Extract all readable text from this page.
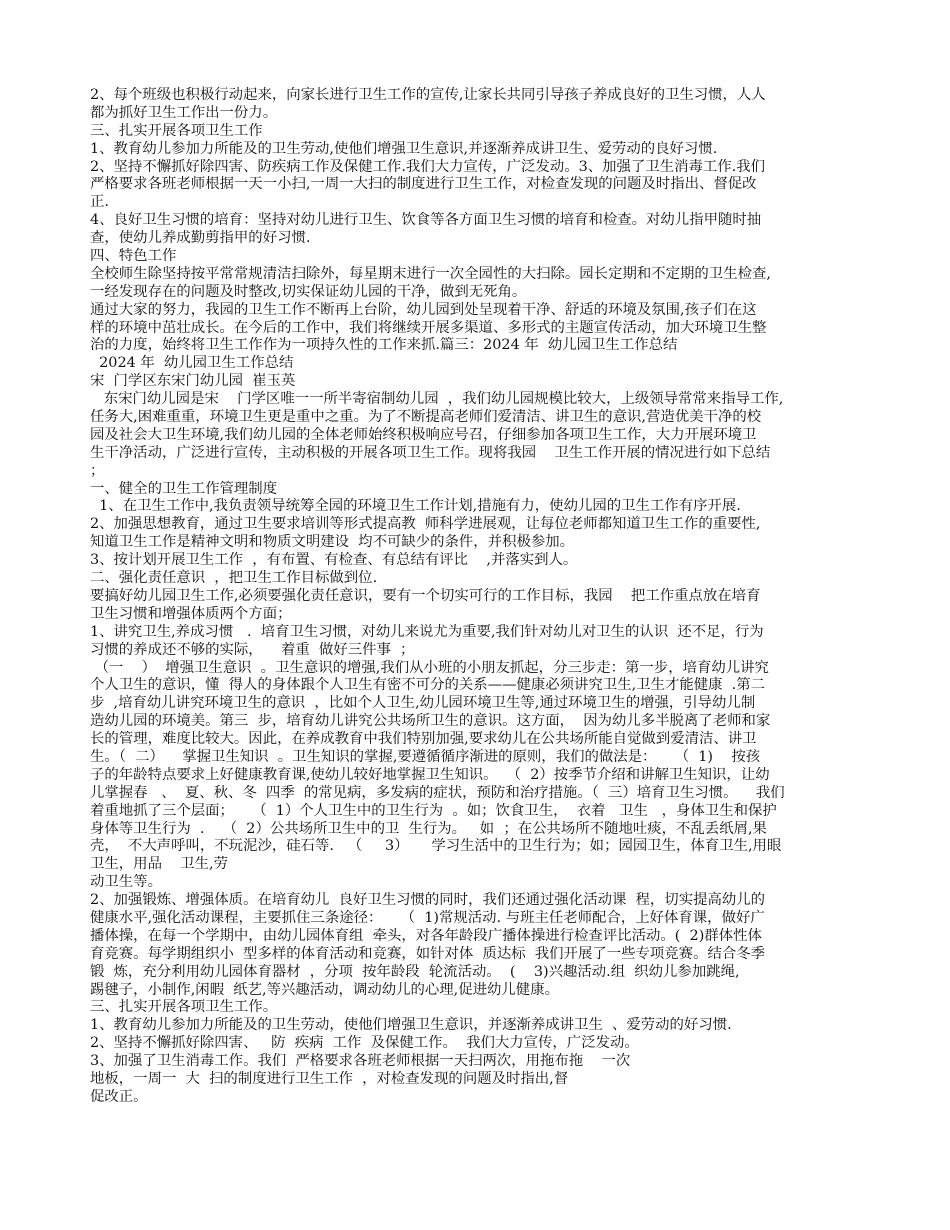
2、每个班级也积极行动起来，向家长进行卫生工作的宣传,让家长共同引导孩子养成良好的卫生习惯，人人
都为抓好卫生工作出一份力。
三、扎实开展各项卫生工作
1、教育幼儿参加力所能及的卫生劳动,使他们增强卫生意识,并逐渐养成讲卫生、爱劳动的良好习惯.
2、坚持不懈抓好除四害、防疾病工作及保健工作.我们大力宣传，广泛发动。3、加强了卫生消毒工作.我们
严格要求各班老师根据一天一小扫,一周一大扫的制度进行卫生工作，对检查发现的问题及时指出、督促改
正.
4、良好卫生习惯的培育：坚持对幼儿进行卫生、饮食等各方面卫生习惯的培育和检查。对幼儿指甲随时抽
查，使幼儿养成勤剪指甲的好习惯.
四、特色工作
全校师生除坚持按平常常规清洁扫除外，每星期末进行一次全园性的大扫除。园长定期和不定期的卫生检查,
一经发现存在的问题及时整改,切实保证幼儿园的干净，做到无死角。
通过大家的努力，我园的卫生工作不断再上台阶，幼儿园到处呈现着干净、舒适的环境及氛围,孩子们在这
样的环境中茁壮成长。在今后的工作中，我们将继续开展多渠道、多形式的主题宣传活动，加大环境卫生整
治的力度，始终将卫生工作作为一项持久性的工作来抓.篇三：2024 年  幼儿园卫生工作总结
2024 年  幼儿园卫生工作总结
宋  门学区东宋门幼儿园  崔玉英
东宋门幼儿园是宋    门学区唯一一所半寄宿制幼儿园  ，我们幼儿园规模比较大，上级领导常常来指导工作,
任务大,困难重重，环境卫生更是重中之重。为了不断提高老师们爱清洁、讲卫生的意识,营造优美干净的校
园及社会大卫生环境,我们幼儿园的全体老师始终积极响应号召，仔细参加各项卫生工作，大力开展环境卫
生干净活动，广泛进行宣传，主动积极的开展各项卫生工作。现将我园    卫生工作开展的情况进行如下总结
；
一、健全的卫生工作管理制度
1、在卫生工作中,我负责领导统筹全园的环境卫生工作计划,措施有力，使幼儿园的卫生工作有序开展.
2、加强思想教育，通过卫生要求培训等形式提高教  师科学进展观，让每位老师都知道卫生工作的重要性,
知道卫生工作是精神文明和物质文明建设  均不可缺少的条件，并积极参加。
3、按计划开展卫生工作  ，有布置、有检查、有总结有评比    ,并落实到人。
二、强化责任意识  ，把卫生工作目标做到位.
要搞好幼儿园卫生工作,必须要强化责任意识，要有一个切实可行的工作目标，我园    把工作重点放在培育
卫生习惯和增强体质两个方面；
1、讲究卫生,养成习惯   .  培育卫生习惯，对幼儿来说尤为重要,我们针对幼儿对卫生的认识  还不足，行为
习惯的养成还不够的实际，    着重  做好三件事  ；
（一    ）  增强卫生意识  。卫生意识的增强,我们从小班的小朋友抓起，分三步走：第一步，培育幼儿讲究
个人卫生的意识，懂  得人的身体跟个人卫生有密不可分的关系——健康必须讲究卫生,卫生才能健康  .第二
步  ,培育幼儿讲究环境卫生的意识  ，比如个人卫生,幼儿园环境卫生等,通过环境卫生的增强，引导幼儿制
造幼儿园的环境美。第三  步，培育幼儿讲究公共场所卫生的意识。这方面，  因为幼儿多半脱离了老师和家
长的管理，难度比较大。因此，在养成教育中我们特别加强,要求幼儿在公共场所能自觉做到爱清洁、讲卫
生。（  二）    掌握卫生知识  。卫生知识的掌握,要遵循循序渐进的原则，我们的做法是：    （  1)    按孩
子的年龄特点要求上好健康教育课,使幼儿较好地掌握卫生知识。  （  2）按季节介绍和讲解卫生知识，让幼
儿掌握春   、  夏、秋、冬  四季  的常见病，多发病的症状，预防和治疗措施。（  三）培育卫生习惯。    我们
着重地抓了三个层面；    （  1）个人卫生中的卫生行为  。如；饮食卫生，  衣着   卫生   ，身体卫生和保护
身体等卫生行为  .    （  2）公共场所卫生中的卫  生行为。   如  ；在公共场所不随地吐痰，不乱丢纸屑,果
壳，  不大声呼叫，不玩泥沙，硅石等.   （     3）     学习生活中的卫生行为；如；园园卫生，体育卫生,用眼
卫生，用品    卫生,劳
动卫生等。
2、加强锻炼、增强体质。在培育幼儿  良好卫生习惯的同时，我们还通过强化活动课  程，切实提高幼儿的
健康水平,强化活动课程，主要抓住三条途径：    （  1)常规活动. 与班主任老师配合，上好体育课，做好广
播体操，在每一个学期中，由幼儿园体育组  牵头，对各年龄段广播体操进行检查评比活动。(  2)群体性体
育竞赛。每学期组织小  型多样的体育活动和竞赛，如针对体  质达标  我们开展了一些专项竞赛。结合冬季
锻  炼，充分利用幼儿园体育器材  ，分项  按年龄段  轮流活动。  (    3)兴趣活动.组  织幼儿参加跳绳,
踢毽子，小制作,闲暇  纸艺,等兴趣活动，调动幼儿的心理,促进幼儿健康。
三、扎实开展各项卫生工作。
1、教育幼儿参加力所能及的卫生劳动，使他们增强卫生意识，并逐渐养成讲卫生  、爱劳动的好习惯.
2、坚持不懈抓好除四害、   防  疾病  工作  及保健工作。  我们大力宣传，广泛发动。
3、加强了卫生消毒工作。我们  严格要求各班老师根据一天扫两次，用拖布拖    一次
地板，一周一  大  扫的制度进行卫生工作  ，对检查发现的问题及时指出,督
促改正。
